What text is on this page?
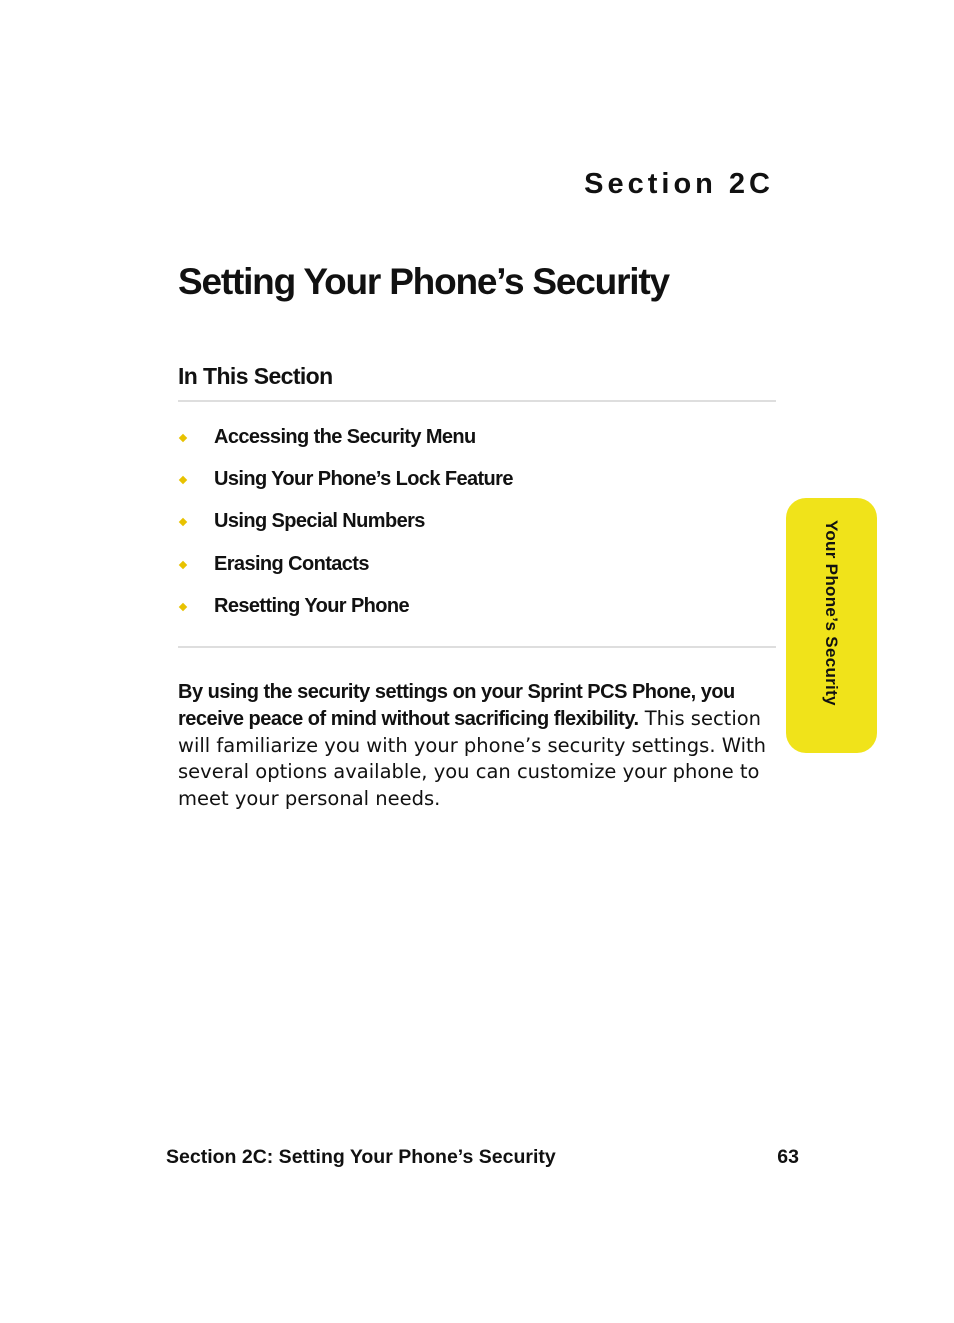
Section 2C
Setting Your Phone’s Security
In This Section
Accessing the Security Menu
Using Your Phone’s Lock Feature
Using Special Numbers
Erasing Contacts
Resetting Your Phone

By using the security settings on your Sprint PCS Phone, you receive peace of mind without sacrificing flexibility. This section will familiarize you with your phone’s security settings. With several options available, you can customize your phone to meet your personal needs.

Your Phone’s Security
Section 2C: Setting Your Phone’s Security	63
